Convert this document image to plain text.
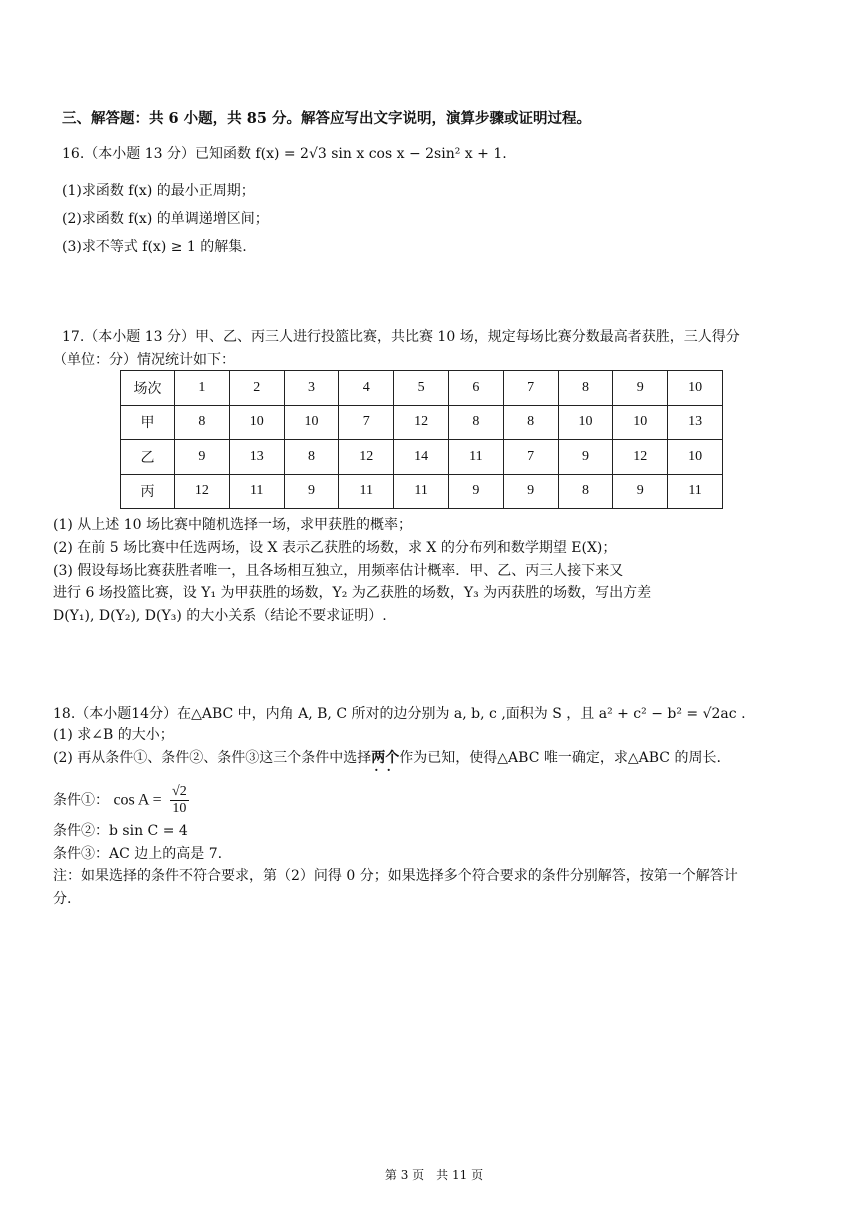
三、解答题：共 6 小题，共 85 分。解答应写出文字说明，演算步骤或证明过程。
16.（本小题 13 分）已知函数 f(x) = 2√3 sin x cos x − 2sin² x + 1.
(1)求函数 f(x) 的最小正周期；
(2)求函数 f(x) 的单调递增区间；
(3)求不等式 f(x) ≥ 1 的解集.
17.（本小题 13 分）甲、乙、丙三人进行投篮比赛，共比赛 10 场，规定每场比赛分数最高者获胜，三人得分
（单位：分）情况统计如下：
场次	1	2	3	4	5	6	7	8	9	10
甲	8	10	10	7	12	8	8	10	10	13
乙	9	13	8	12	14	11	7	9	12	10
丙	12	11	9	11	11	9	9	8	9	11
(1) 从上述 10 场比赛中随机选择一场，求甲获胜的概率；
(2) 在前 5 场比赛中任选两场，设 X 表示乙获胜的场数，求 X 的分布列和数学期望 E(X)；
(3) 假设每场比赛获胜者唯一，且各场相互独立，用频率估计概率．甲、乙、丙三人接下来又
进行 6 场投篮比赛，设 Y₁ 为甲获胜的场数，Y₂ 为乙获胜的场数，Y₃ 为丙获胜的场数，写出方差
D(Y₁), D(Y₂), D(Y₃) 的大小关系（结论不要求证明）.
18.（本小题14分）在△ABC 中，内角 A, B, C 所对的边分别为 a, b, c ,面积为 S ，且 a² + c² − b² = √2ac .
(1) 求∠B 的大小；
(2) 再从条件①、条件②、条件③这三个条件中选择两个 · ·作为已知，使得△ABC 唯一确定，求△ABC 的周长.
条件①： $\cos A = \frac{√2}{10}$
条件②：b sin C = 4
条件③：AC 边上的高是 7.
注：如果选择的条件不符合要求，第（2）问得 0 分；如果选择多个符合要求的条件分别解答，按第一个解答计
分.
第 3 页　共 11 页
